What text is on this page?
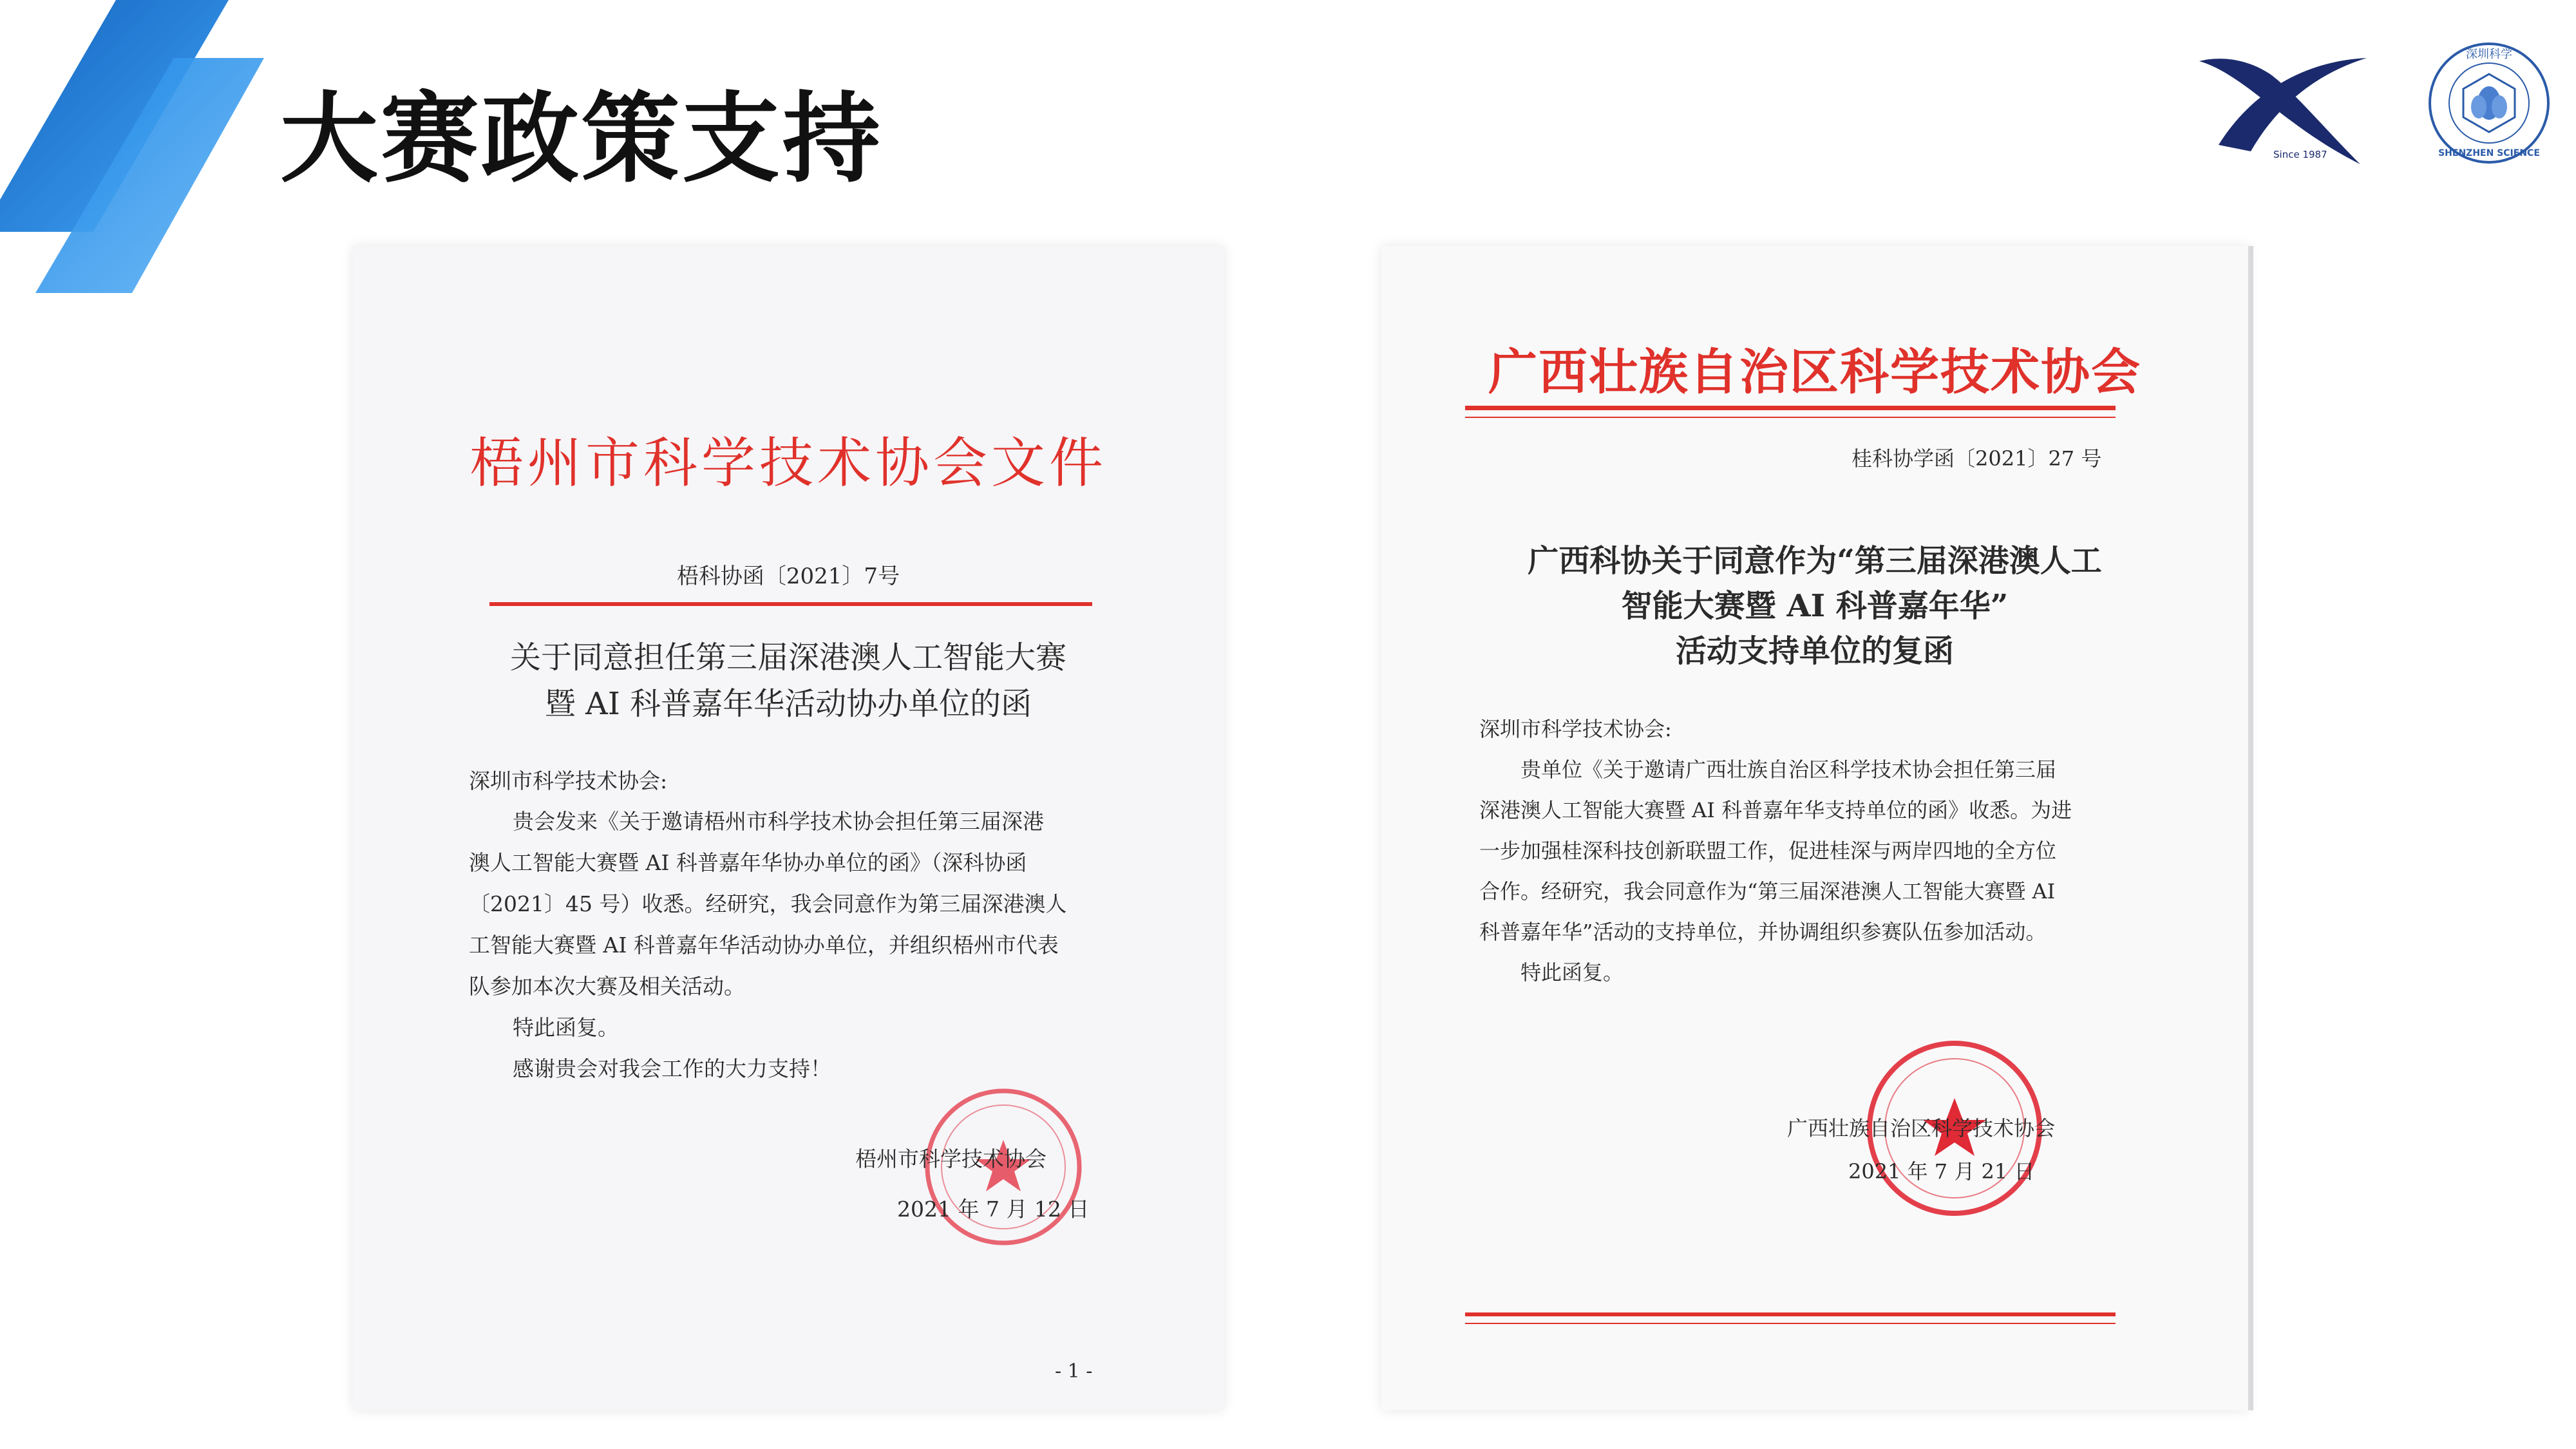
大赛政策支持	Since 1987
深圳科学
SHENZHEN SCIENCE
梧州市科学技术协会文件
梧科协函〔2021〕7号
关于同意担任第三届深港澳人工智能大赛
暨 AI 科普嘉年华活动协办单位的函
深圳市科学技术协会:
贵会发来《关于邀请梧州市科学技术协会担任第三届深港
澳人工智能大赛暨 AI 科普嘉年华协办单位的函》（深科协函
〔2021〕45 号）收悉。经研究，我会同意作为第三届深港澳人
工智能大赛暨 AI 科普嘉年华活动协办单位，并组织梧州市代表
队参加本次大赛及相关活动。
特此函复。
感谢贵会对我会工作的大力支持！
梧州市科学技术协会
2021 年 7 月 12 日
- 1 -
广西壮族自治区科学技术协会
桂科协学函〔2021〕27 号
广西科协关于同意作为“第三届深港澳人工
智能大赛暨 AI 科普嘉年华”
活动支持单位的复函
深圳市科学技术协会:
贵单位《关于邀请广西壮族自治区科学技术协会担任第三届
深港澳人工智能大赛暨 AI 科普嘉年华支持单位的函》收悉。为进
一步加强桂深科技创新联盟工作，促进桂深与两岸四地的全方位
合作。经研究，我会同意作为“第三届深港澳人工智能大赛暨 AI
科普嘉年华”活动的支持单位，并协调组织参赛队伍参加活动。
特此函复。
广西壮族自治区科学技术协会
2021 年 7 月 21 日
